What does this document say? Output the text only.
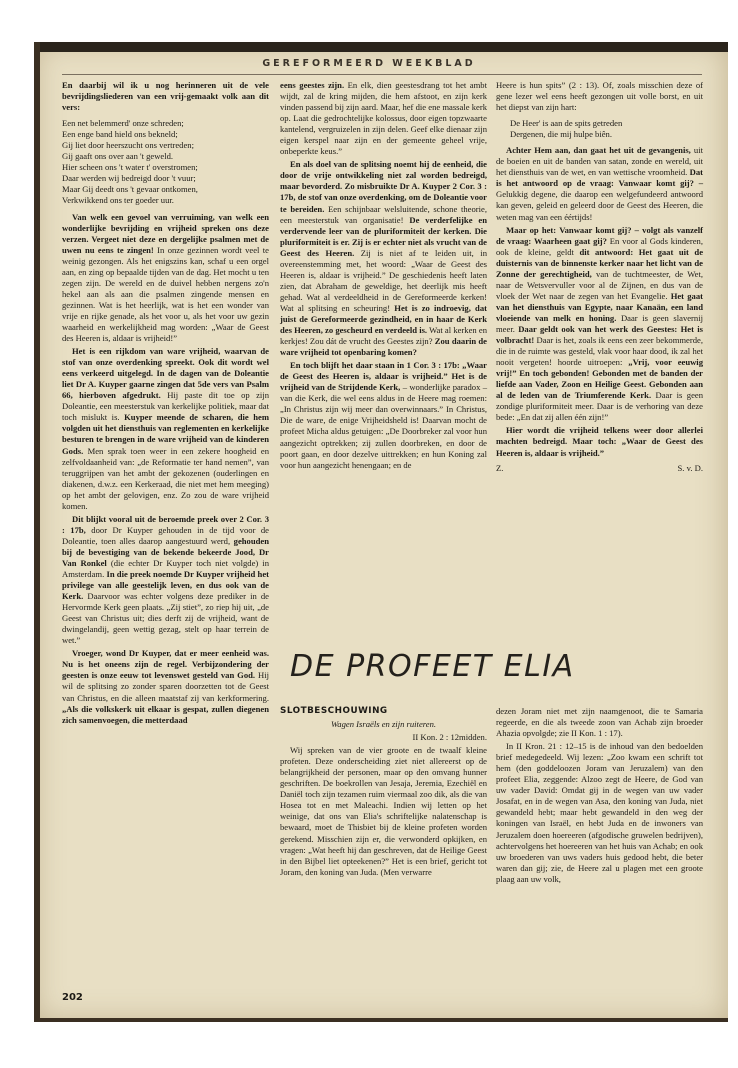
GEREFORMEERD WEEKBLAD

En daarbij wil ik u nog herinneren uit de vele bevrijdingsliederen van een vrij-gemaakt volk aan dit vers:

Een net belemmerd' onze schreden;
Een enge band hield ons bekneld;
Gij liet door heerszucht ons vertreden;
Gij gaaft ons over aan 't geweld.
Hier scheen ons 't water t' overstromen;
Daar werden wij bedreigd door 't vuur;
Maar Gij deedt ons 't gevaar ontkomen,
Verkwikkend ons ter goeder uur.

Van welk een gevoel van verruiming, van welk een wonderlijke bevrijding en vrijheid spreken ons deze verzen. Vergeet niet deze en dergelijke psalmen met de uwen nu eens te zingen! In onze gezinnen wordt veel te weinig gezongen. Als het enigszins kan, schaf u een orgel aan, en zing op bepaalde tijden van de dag. Het mocht u ten zegen zijn. De wereld en de duivel hebben nergens zo'n hekel aan als aan die psalmen zingende mensen en gezinnen. Wat is het heerlijk, wat is het een wonder van vrije en rijke genade, als het voor u, als het voor uw gezin waarheid en werkelijkheid mag worden: „Waar de Geest des Heeren is, aldaar is vrijheid!”

Het is een rijkdom van ware vrijheid, waarvan de stof van onze overdenking spreekt. Ook dit wordt wel eens verkeerd uitgelegd. In de dagen van de Doleantie liet Dr A. Kuyper gaarne zingen dat 5de vers van Psalm 66, hierboven afgedrukt. Hij paste dit toe op zijn Doleantie, een meesterstuk van kerkelijke politiek, maar dat toch mislukt is. Kuyper meende de scharen, die hem volgden uit het diensthuis van reglementen en kerkelijke besturen te brengen in de ware vrijheid van de kinderen Gods. Men sprak toen weer in een zekere hoogheid en zelfvoldaanheid van: „de Reformatie ter hand nemen”, van teruggrijpen van het ambt der gekozenen (ouderlingen en diakenen, d.w.z. een Kerkeraad, die niet met hem meeging) op het ambt der gelovigen, enz. Zo zou de ware vrijheid komen.

Dit blijkt vooral uit de beroemde preek over 2 Cor. 3 : 17b, door Dr Kuyper gehouden in de tijd voor de Doleantie, toen alles daarop aangestuurd werd, gehouden bij de bevestiging van de bekende bekeerde Jood, Dr Van Ronkel (die echter Dr Kuyper toch niet volgde) in Amsterdam. In die preek noemde Dr Kuyper vrijheid het privilege van alle geestelijk leven, en dus ook van de Kerk. Daarvoor was echter volgens deze prediker in de Hervormde Kerk geen plaats. „Zij stiet”, zo riep hij uit, „de Geest van Christus uit; dies derft zij de vrijheid, want de dwingelandij, geen wettig gezag, stelt op haar terrein de wet.”

Vroeger, wond Dr Kuyper, dat er meer eenheid was. Nu is het oneens zijn de regel. Verbijzondering der geesten is onze eeuw tot levenswet gesteld van God. Hij wil de splitsing zo zonder sparen doorzetten tot de Geest van Christus, en die alleen maatstaf zij van kerkformering. „Als die volkskerk uit elkaar is gespat, zullen diegenen zich samenvoegen, die metterdaad

eens geestes zijn. En elk, dien geestesdrang tot het ambt wijdt, zal de kring mijden, die hem afstoot, en zijn kerk vinden passend bij zijn aard. Maar, hef die ene massale kerk op. Laat die gedrochtelijke kolossus, door eigen topzwaarte kantelend, vergruizelen in zijn delen. Geef elke dienaar zijn eigen kerspel naar zijn en der gemeente geheel vrije, onbeperkte keus.”

En als doel van de splitsing noemt hij de eenheid, die door de vrije ontwikkeling niet zal worden bedreigd, maar bevorderd. Zo misbruikte Dr A. Kuyper 2 Cor. 3 : 17b, de stof van onze overdenking, om de Doleantie voor te bereiden. Een schijnbaar welsluitende, schone theorie, een meesterstuk van organisatie! De verderfelijke en verdervende leer van de pluriformiteit der kerken. Die pluriformiteit is er. Zij is er echter niet als vrucht van de Geest des Heeren. Zij is niet af te leiden uit, in overeenstemming met, het woord: „Waar de Geest des Heeren is, aldaar is vrijheid.” De geschiedenis heeft laten zien, dat Abraham de geweldige, het deerlijk mis heeft gehad. Wat al verdeeldheid in de Gereformeerde kerken! Wat al splitsing en scheuring! Het is zo indroevig, dat juist de Gereformeerde gezindheid, en in haar de Kerk des Heeren, zo gescheurd en verdeeld is. Wat al kerken en kerkjes! Zou dát de vrucht des Geestes zijn? Zou daarin de ware vrijheid tot openbaring komen?

En toch blijft het daar staan in 1 Cor. 3 : 17b: „Waar de Geest des Heeren is, aldaar is vrijheid.” Het is de vrijheid van de Strijdende Kerk, – wonderlijke paradox – van die Kerk, die wel eens aldus in de Heere mag roemen: „In Christus zijn wij meer dan overwinnaars.” In Christus, Die de ware, de enige Vrijheidsheld is! Daarvan mocht de profeet Micha aldus getuigen: „De Doorbreker zal voor hun aangezicht optrekken; zij zullen doorbreken, en door de poort gaan, en door dezelve uittrekken; en hun Koning zal voor hun aangezicht henengaan; en de

Heere is hun spits” (2 : 13). Of, zoals misschien deze of gene lezer wel eens heeft gezongen uit volle borst, en uit het diepst van zijn hart:

De Heer' is aan de spits getreden
Dergenen, die mij hulpe biên.

Achter Hem aan, dan gaat het uit de gevangenis, uit de boeien en uit de banden van satan, zonde en wereld, uit het diensthuis van de wet, en van wettische vroomheid. Dat is het antwoord op de vraag: Vanwaar komt gij? – Gelukkig degene, die daarop een welgefundeerd antwoord kan geven, geleid en geleerd door de Geest des Heeren, die weten mag van een éértijds!

Maar op het: Vanwaar komt gij? – volgt als vanzelf de vraag: Waarheen gaat gij? En voor al Gods kinderen, ook de kleine, geldt dit antwoord: Het gaat uit de duisternis van de binnenste kerker naar het licht van de Zonne der gerechtigheid, van de tuchtmeester, de Wet, naar de Wetsvervuller voor al de Zijnen, en dus van de vloek der Wet naar de zegen van het Evangelie. Het gaat van het diensthuis van Egypte, naar Kanaän, een land vloeiende van melk en honing. Daar is geen slavernij meer. Daar geldt ook van het werk des Geestes: Het is volbracht! Daar is het, zoals ik eens een zeer bekommerde, die in de ruimte was gesteld, vlak voor haar dood, ik zal het nooit vergeten! hoorde uitroepen: „Vrij, voor eeuwig vrij!” En toch gebonden! Gebonden met de banden der liefde aan Vader, Zoon en Heilige Geest. Gebonden aan al de leden van de Triumferende Kerk. Daar is geen zondige pluriformiteit meer. Daar is de verhoring van deze bede: „En dat zij allen één zijn!”

Hier wordt die vrijheid telkens weer door allerlei machten bedreigd. Maar toch: „Waar de Geest des Heeren is, aldaar is vrijheid.”

Z.	S. v. D.
DE PROFEET ELIA

SLOTBESCHOUWING

Wagen Israëls en zijn ruiteren.

II Kon. 2 : 12midden.

Wij spreken van de vier groote en de twaalf kleine profeten. Deze onderscheiding ziet niet allereerst op de belangrijkheid der personen, maar op den omvang hunner geschriften. De boekrollen van Jesaja, Jeremia, Ezechiël en Daniël toch zijn tezamen ruim viermaal zoo dik, als die van Hosea tot en met Maleachi. Indien wij letten op het weinige, dat ons van Elia's schriftelijke nalatenschap is bewaard, moet de Thisbiet bij de kleine profeten worden gerekend. Misschien zijn er, die verwonderd opkijken, en vragen: „Wat heeft hij dan geschreven, dat de Heilige Geest in den Bijbel liet opteekenen?” Het is een brief, gericht tot Joram, den koning van Juda. (Men verwarre

dezen Joram niet met zijn naamgenoot, die te Samaria regeerde, en die als tweede zoon van Achab zijn broeder Ahazia opvolgde; zie II Kon. 1 : 17).

In II Kron. 21 : 12–15 is de inhoud van den bedoelden brief medegedeeld. Wij lezen: „Zoo kwam een schrift tot hem (den goddeloozen Joram van Jeruzalem) van den profeet Elia, zeggende: Alzoo zegt de Heere, de God van uw vader David: Omdat gij in de wegen van uw vader Josafat, en in de wegen van Asa, den koning van Juda, niet gewandeld hebt; maar hebt gewandeld in den weg der koningen van Israël, en hebt Juda en de inwoners van Jeruzalem doen hoereeren (afgodische gruwelen bedrijven), achtervolgens het hoereeren van het huis van Achab; en ook uw broederen van uws vaders huis gedood hebt, die beter waren dan gij; zie, de Heere zal u plagen met een groote plaag aan uw volk,

202
